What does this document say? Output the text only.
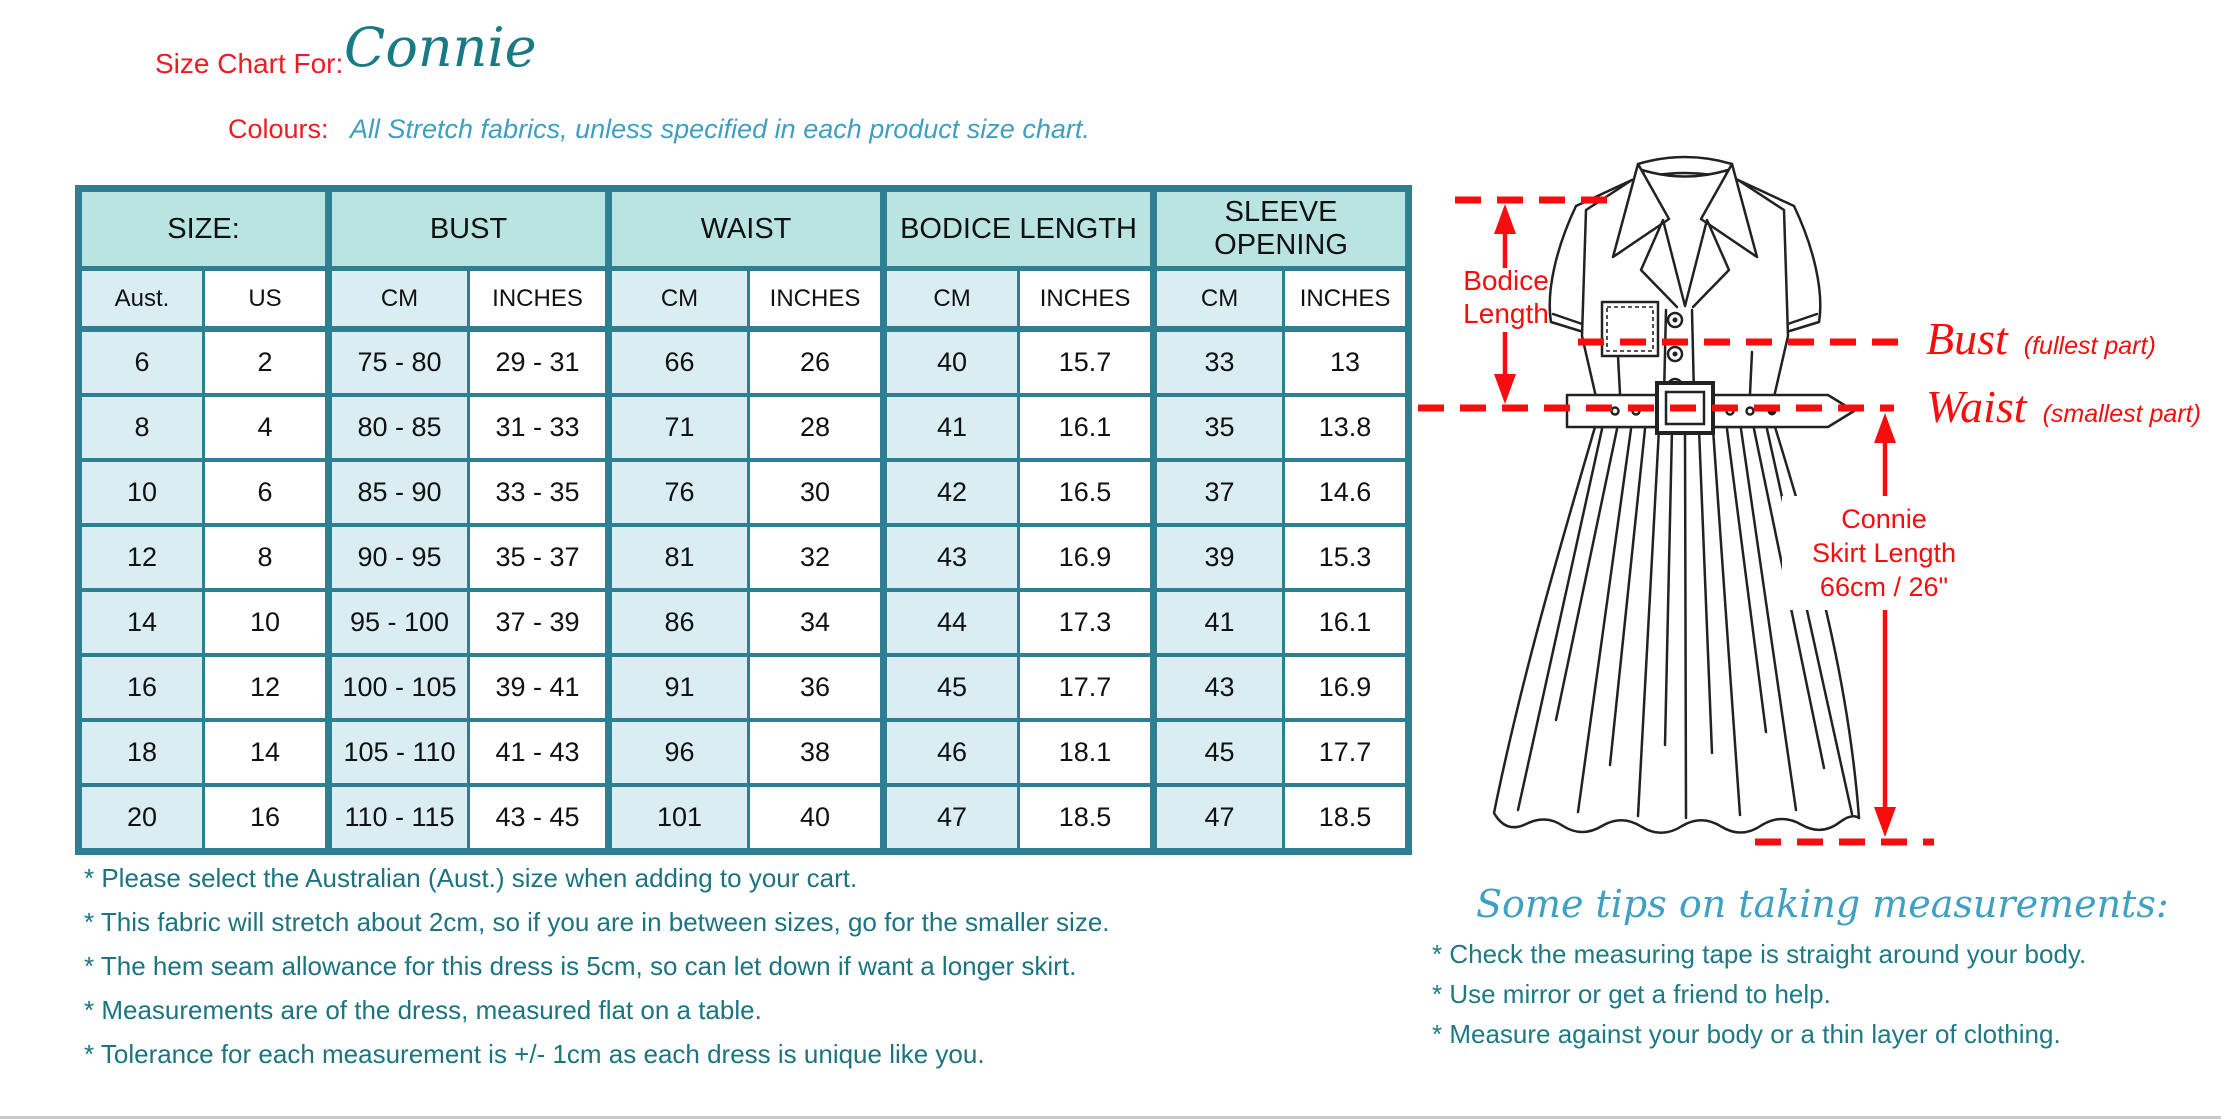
Size Chart For: Connie
Colours: All Stretch fabrics, unless specified in each product size chart.
SIZE:		BUST		WAIST		BODICE LENGTH		SLEEVE OPENING	
Aust.	US	CM	INCHES	CM	INCHES	CM	INCHES	CM	INCHES
6	2	75 - 80	29 - 31	66	26	40	15.7	33	13
8	4	80 - 85	31 - 33	71	28	41	16.1	35	13.8
10	6	85 - 90	33 - 35	76	30	42	16.5	37	14.6
12	8	90 - 95	35 - 37	81	32	43	16.9	39	15.3
14	10	95 - 100	37 - 39	86	34	44	17.3	41	16.1
16	12	100 - 105	39 - 41	91	36	45	17.7	43	16.9
18	14	105 - 110	41 - 43	96	38	46	18.1	45	17.7
20	16	110 - 115	43 - 45	101	40	47	18.5	47	18.5
* Please select the Australian (Aust.) size when adding to your cart.
* This fabric will stretch about 2cm, so if you are in between sizes, go for the smaller size.
* The hem seam allowance for this dress is 5cm, so can let down if want a longer skirt.
* Measurements are of the dress, measured flat on a table.
* Tolerance for each measurement is +/- 1cm as each dress is unique like you.
Bodice
Length	Bust (fullest part)
Waist (smallest part)
Connie
Skirt Length
66cm / 26"
Some tips on taking measurements:
* Check the measuring tape is straight around your body.
* Use mirror or get a friend to help.
* Measure against your body or a thin layer of clothing.
